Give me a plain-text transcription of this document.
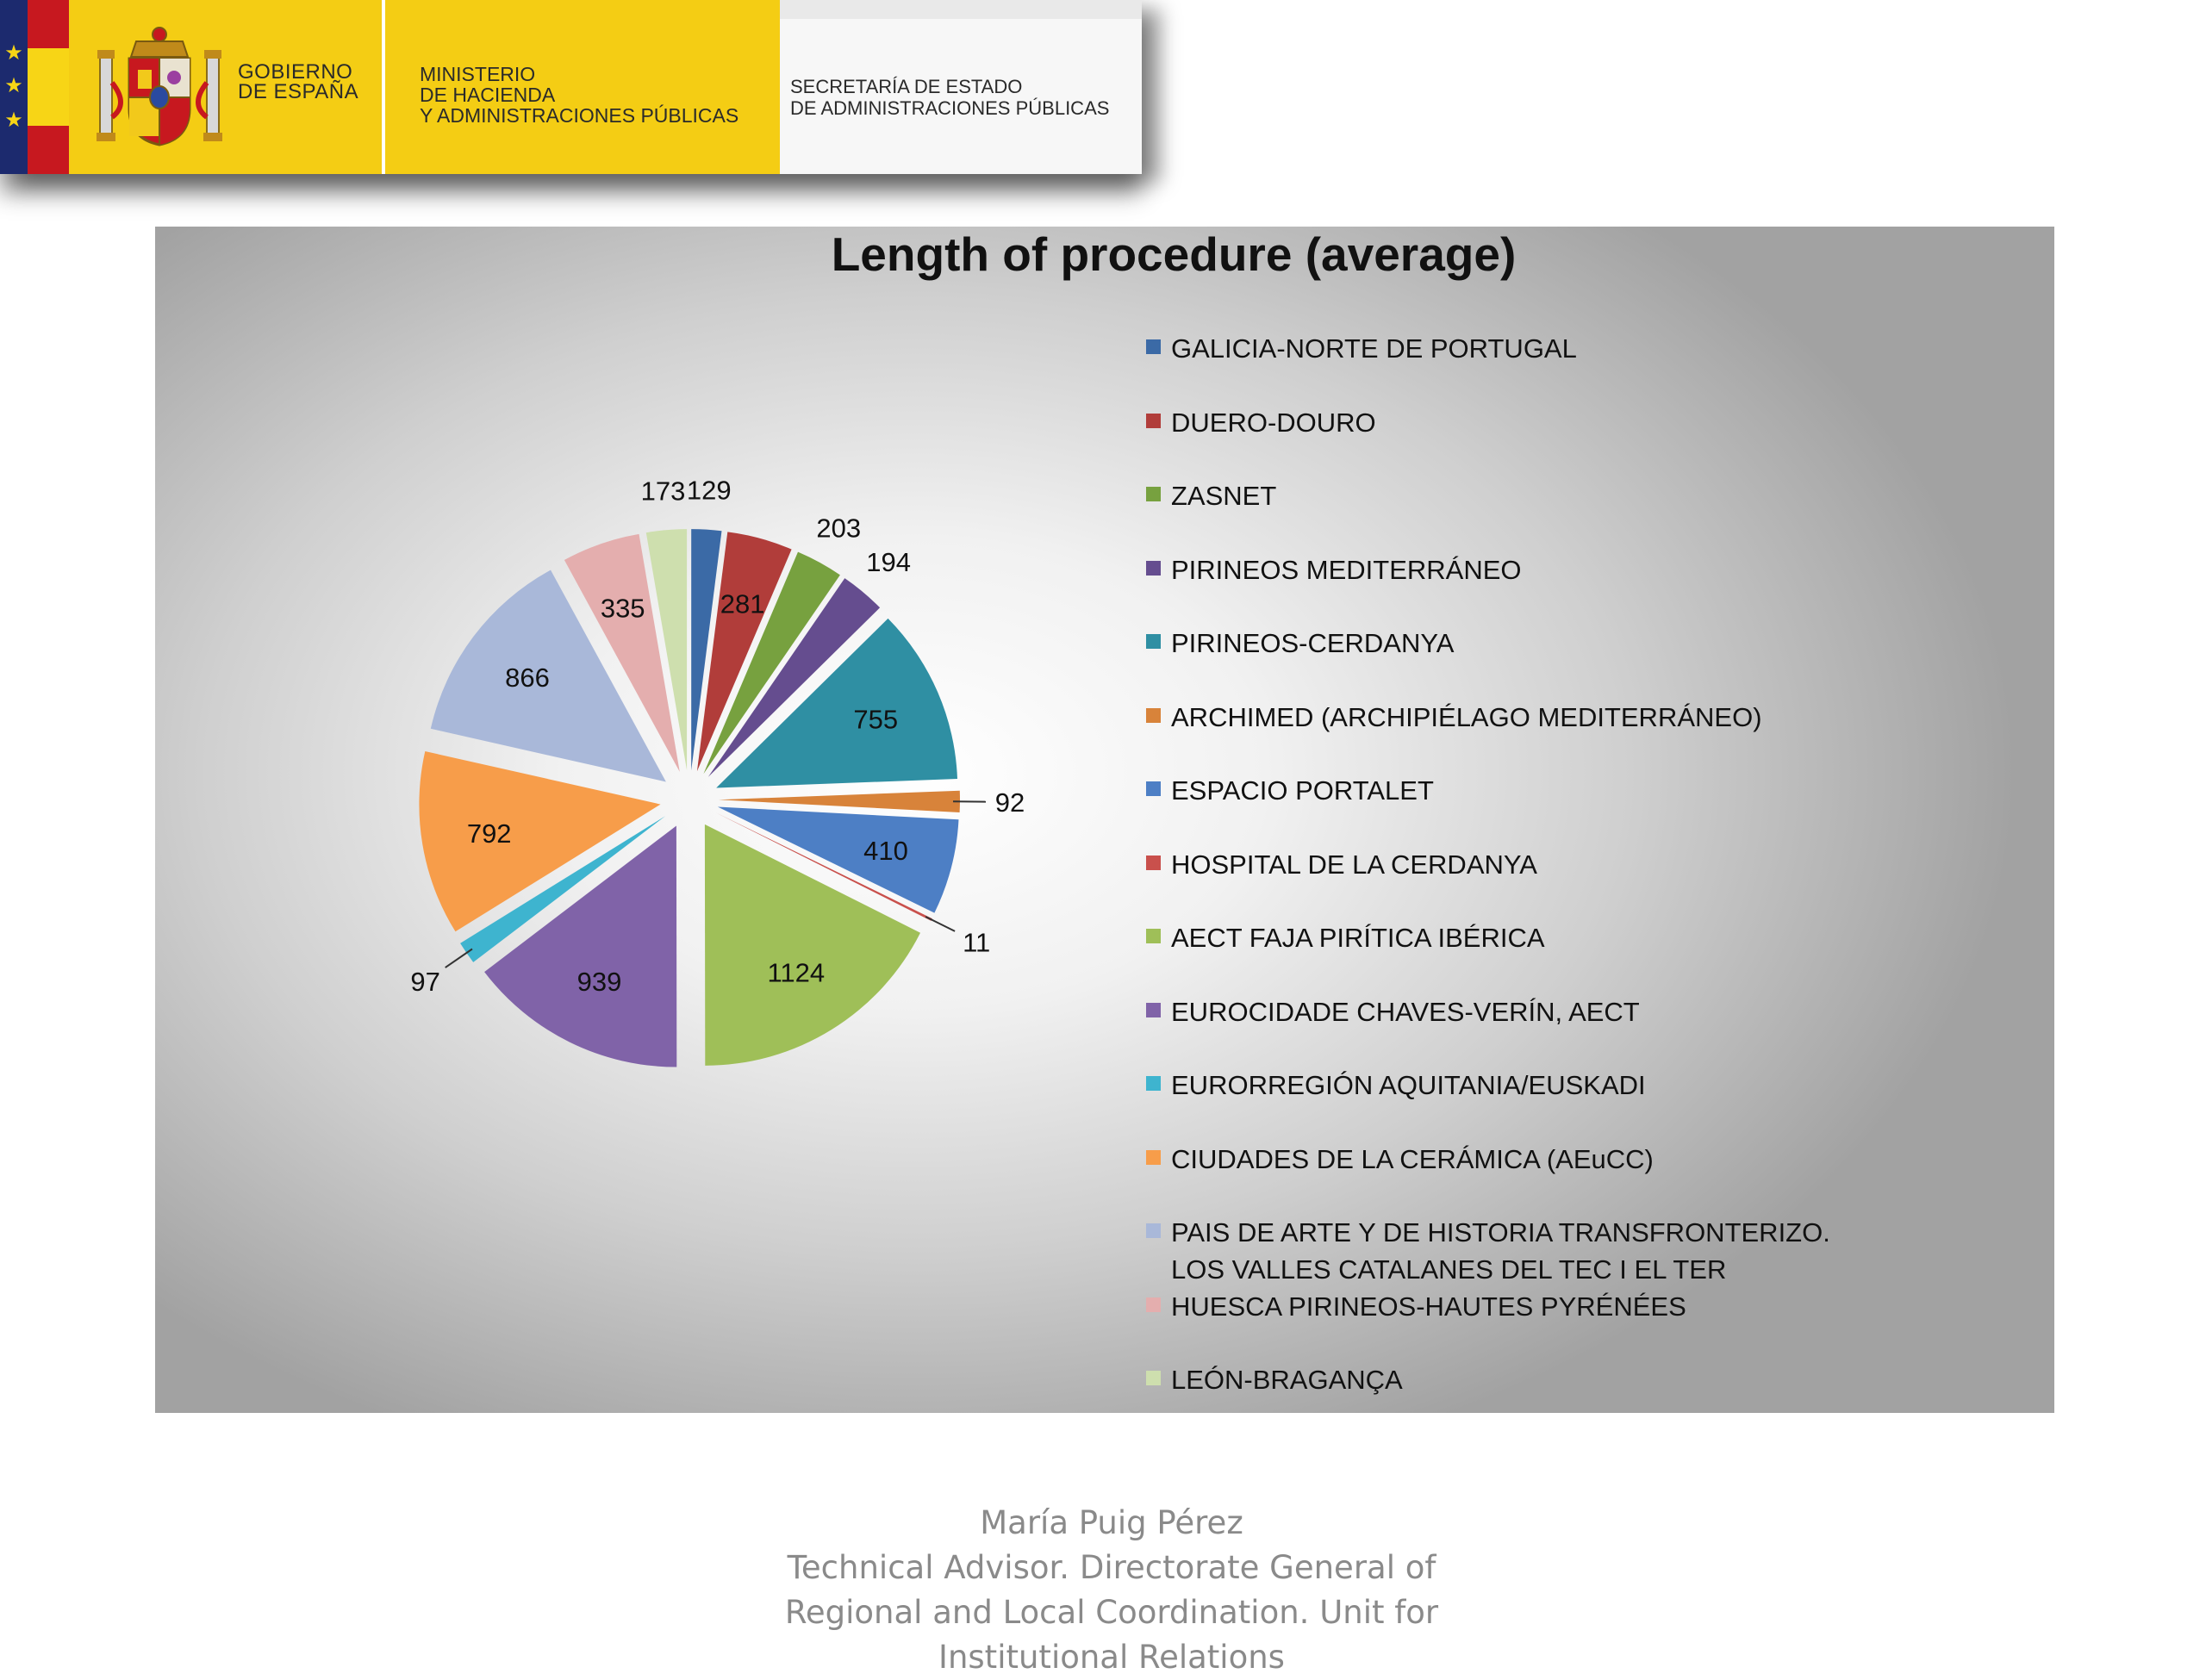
★
★
★
GOBIERNO
DE ESPAÑA
MINISTERIO
DE HACIENDA
Y ADMINISTRACIONES PÚBLICAS
SECRETARÍA DE ESTADO
DE ADMINISTRACIONES PÚBLICAS
Length of procedure (average)
129
281
203
194
755
92
410
11
1124
939
97
792
866
335
173
GALICIA-NORTE DE PORTUGAL
DUERO-DOURO
ZASNET
PIRINEOS MEDITERRÁNEO
PIRINEOS-CERDANYA
ARCHIMED (ARCHIPIÉLAGO MEDITERRÁNEO)
ESPACIO PORTALET
HOSPITAL DE LA CERDANYA
AECT FAJA PIRÍTICA IBÉRICA
EUROCIDADE CHAVES-VERÍN, AECT
EURORREGIÓN AQUITANIA/EUSKADI
CIUDADES DE LA CERÁMICA (AEuCC)
PAIS DE ARTE Y DE HISTORIA TRANSFRONTERIZO.
LOS VALLES CATALANES DEL TEC I EL TER
HUESCA PIRINEOS-HAUTES PYRÉNÉES
LEÓN-BRAGANÇA
María Puig Pérez
Technical Advisor. Directorate General of
Regional and Local Coordination. Unit for
Institutional Relations
